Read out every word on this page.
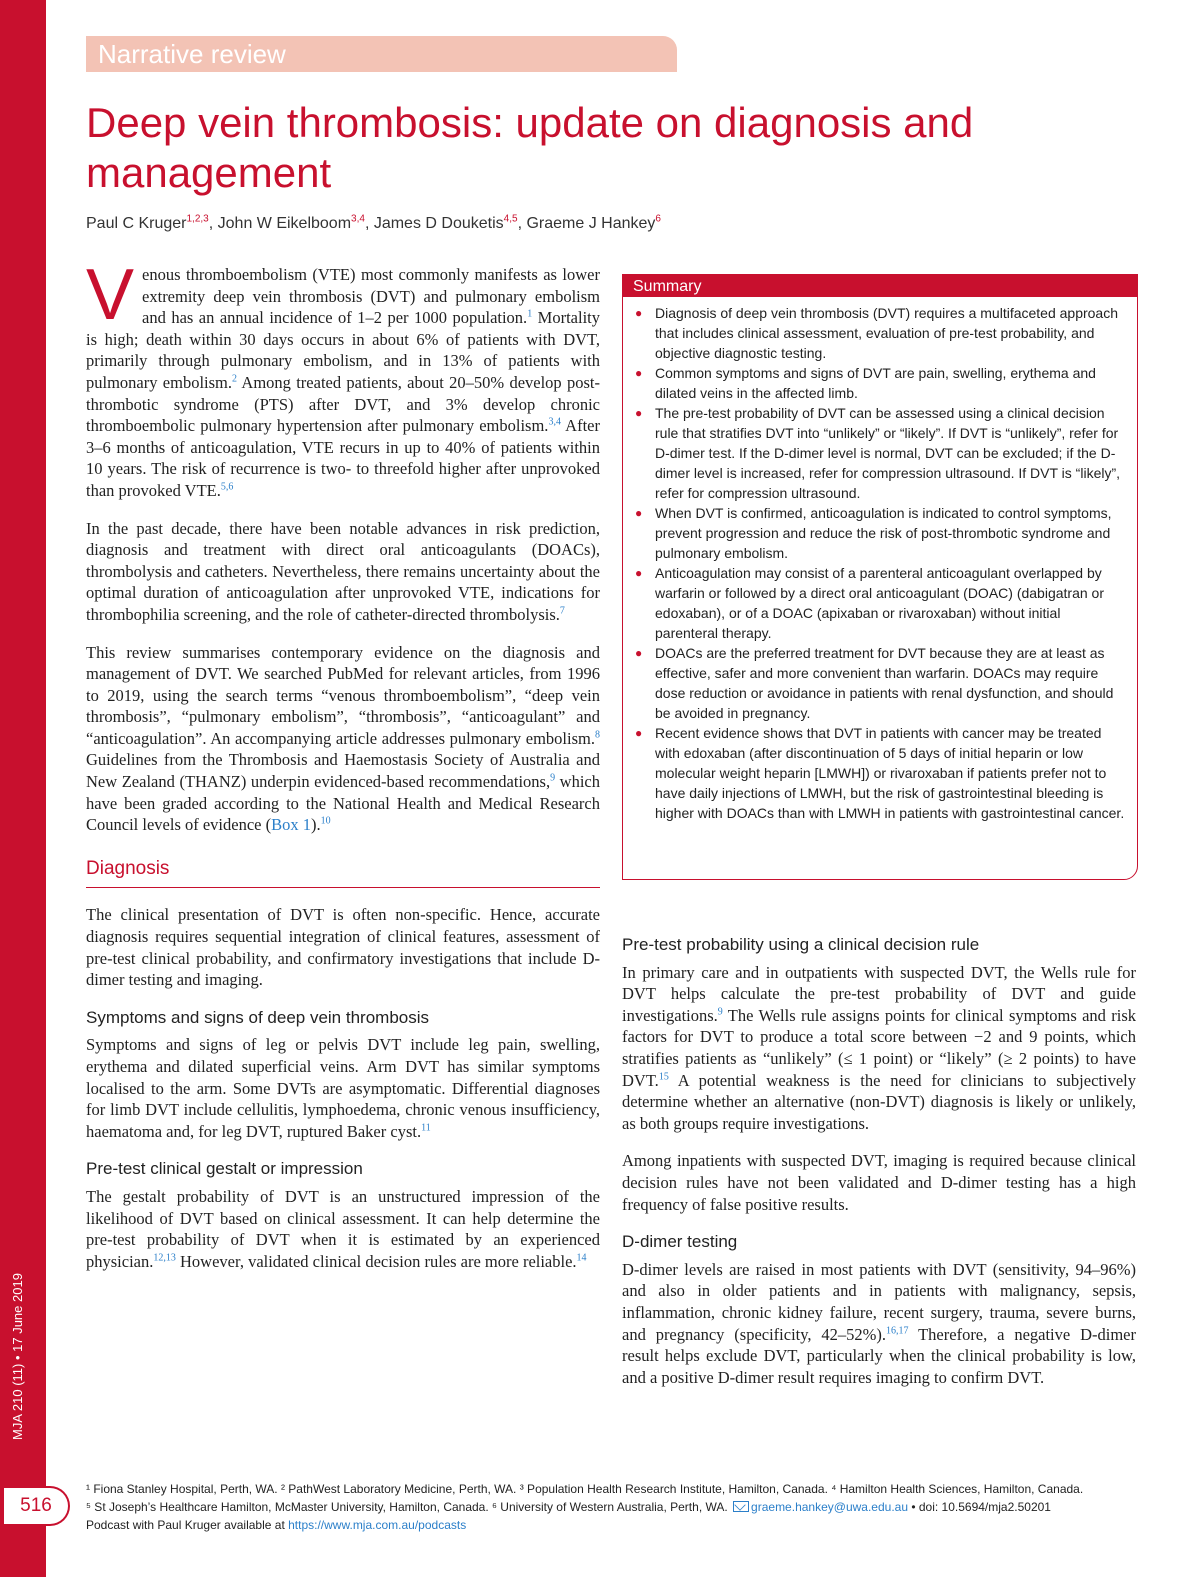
MJA 210 (11) • 17 June 2019
516
Narrative review
Deep vein thrombosis: update on diagnosis and management
Paul C Kruger$^{1,2,3}$, John W Eikelboom$^{3,4}$, James D Douketis$^{4,5}$, Graeme J Hankey$^6$

Venous thromboembolism (VTE) most commonly manifests as lower extremity deep vein thrombosis (DVT) and pulmonary embolism and has an annual incidence of 1–2 per 1000 population.$^1$ Mortality is high; death within 30 days occurs in about 6% of patients with DVT, primarily through pulmonary embolism, and in 13% of patients with pulmonary embolism.$^2$ Among treated patients, about 20–50% develop post-thrombotic syndrome (PTS) after DVT, and 3% develop chronic thromboembolic pulmonary hypertension after pulmonary embolism.$^{3,4}$ After 3–6 months of anticoagulation, VTE recurs in up to 40% of patients within 10 years. The risk of recurrence is two- to threefold higher after unprovoked than provoked VTE.$^{5,6}$

In the past decade, there have been notable advances in risk prediction, diagnosis and treatment with direct oral anticoagulants (DOACs), thrombolysis and catheters. Nevertheless, there remains uncertainty about the optimal duration of anticoagulation after unprovoked VTE, indications for thrombophilia screening, and the role of catheter-directed thrombolysis.$^7$

This review summarises contemporary evidence on the diagnosis and management of DVT. We searched PubMed for relevant articles, from 1996 to 2019, using the search terms “venous thromboembolism”, “deep vein thrombosis”, “pulmonary embolism”, “thrombosis”, “anticoagulant” and “anticoagulation”. An accompanying article addresses pulmonary embolism.$^8$ Guidelines from the Thrombosis and Haemostasis Society of Australia and New Zealand (THANZ) underpin evidenced-based recommendations,$^9$ which have been graded according to the National Health and Medical Research Council levels of evidence (Box 1).$^{10}$

Diagnosis

The clinical presentation of DVT is often non-specific. Hence, accurate diagnosis requires sequential integration of clinical features, assessment of pre-test clinical probability, and confirmatory investigations that include D-dimer testing and imaging.

Symptoms and signs of deep vein thrombosis

Symptoms and signs of leg or pelvis DVT include leg pain, swelling, erythema and dilated superficial veins. Arm DVT has similar symptoms localised to the arm. Some DVTs are asymptomatic. Differential diagnoses for limb DVT include cellulitis, lymphoedema, chronic venous insufficiency, haematoma and, for leg DVT, ruptured Baker cyst.$^{11}$

Pre-test clinical gestalt or impression

The gestalt probability of DVT is an unstructured impression of the likelihood of DVT based on clinical assessment. It can help determine the pre-test probability of DVT when it is estimated by an experienced physician.$^{12,13}$ However, validated clinical decision rules are more reliable.$^{14}$

Summary
● Diagnosis of deep vein thrombosis (DVT) requires a multifaceted approach that includes clinical assessment, evaluation of pre-test probability, and objective diagnostic testing.
● Common symptoms and signs of DVT are pain, swelling, erythema and dilated veins in the affected limb.
● The pre-test probability of DVT can be assessed using a clinical decision rule that stratifies DVT into “unlikely” or “likely”. If DVT is “unlikely”, refer for D-dimer test. If the D-dimer level is normal, DVT can be excluded; if the D-dimer level is increased, refer for compression ultrasound. If DVT is “likely”, refer for compression ultrasound.
● When DVT is confirmed, anticoagulation is indicated to control symptoms, prevent progression and reduce the risk of post-thrombotic syndrome and pulmonary embolism.
● Anticoagulation may consist of a parenteral anticoagulant overlapped by warfarin or followed by a direct oral anticoagulant (DOAC) (dabigatran or edoxaban), or of a DOAC (apixaban or rivaroxaban) without initial parenteral therapy.
● DOACs are the preferred treatment for DVT because they are at least as effective, safer and more convenient than warfarin. DOACs may require dose reduction or avoidance in patients with renal dysfunction, and should be avoided in pregnancy.
● Recent evidence shows that DVT in patients with cancer may be treated with edoxaban (after discontinuation of 5 days of initial heparin or low molecular weight heparin [LMWH]) or rivaroxaban if patients prefer not to have daily injections of LMWH, but the risk of gastrointestinal bleeding is higher with DOACs than with LMWH in patients with gastrointestinal cancer.
Pre-test probability using a clinical decision rule

In primary care and in outpatients with suspected DVT, the Wells rule for DVT helps calculate the pre-test probability of DVT and guide investigations.$^9$ The Wells rule assigns points for clinical symptoms and risk factors for DVT to produce a total score between −2 and 9 points, which stratifies patients as “unlikely” (≤ 1 point) or “likely” (≥ 2 points) to have DVT.$^{15}$ A potential weakness is the need for clinicians to subjectively determine whether an alternative (non-DVT) diagnosis is likely or unlikely, as both groups require investigations.

Among inpatients with suspected DVT, imaging is required because clinical decision rules have not been validated and D-dimer testing has a high frequency of false positive results.

D-dimer testing

D-dimer levels are raised in most patients with DVT (sensitivity, 94–96%) and also in older patients and in patients with malignancy, sepsis, inflammation, chronic kidney failure, recent surgery, trauma, severe burns, and pregnancy (specificity, 42–52%).$^{16,17}$ Therefore, a negative D-dimer result helps exclude DVT, particularly when the clinical probability is low, and a positive D-dimer result requires imaging to confirm DVT.

¹ Fiona Stanley Hospital, Perth, WA. ² PathWest Laboratory Medicine, Perth, WA. ³ Population Health Research Institute, Hamilton, Canada. ⁴ Hamilton Health Sciences, Hamilton, Canada.
⁵ St Joseph’s Healthcare Hamilton, McMaster University, Hamilton, Canada. ⁶ University of Western Australia, Perth, WA. graeme.hankey@uwa.edu.au • doi: 10.5694/mja2.50201
Podcast with Paul Kruger available at https://www.mja.com.au/podcasts
